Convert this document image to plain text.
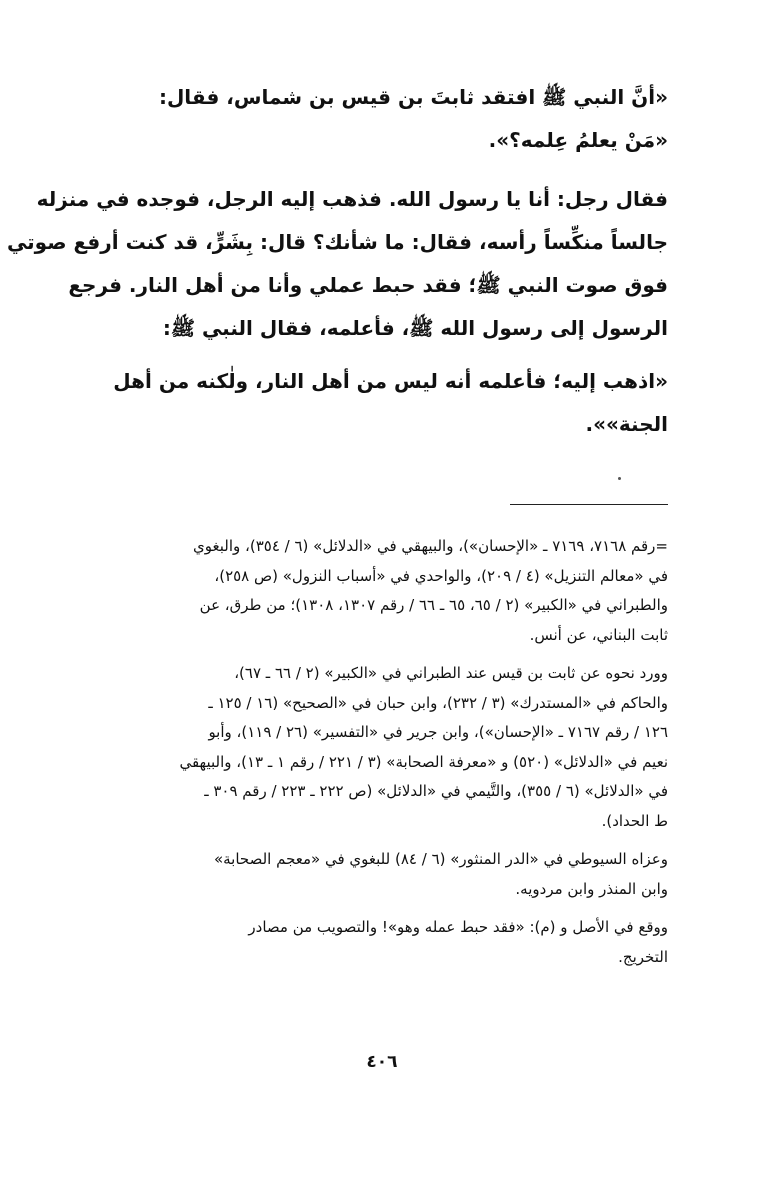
«أنَّ النبي ﷺ افتقد ثابتَ بن قيس بن شماس، فقال:
«مَنْ يعلمُ عِلمه؟».

فقال رجل: أنا يا رسول الله. فذهب إليه الرجل، فوجده في منزله
جالساً منكِّساً رأسه، فقال: ما شأنك؟ قال: بِشَرٍّ، قد كنت أرفع صوتي
فوق صوت النبي ﷺ؛ فقد حبط عملي وأنا من أهل النار. فرجع
الرسول إلى رسول الله ﷺ، فأعلمه، فقال النبي ﷺ:

«اذهب إليه؛ فأعلمه أنه ليس من أهل النار، ولٰكنه من أهل
الجنة»».

=رقم ٧١٦٨، ٧١٦٩ ـ «الإحسان»)، والبيهقي في «الدلائل» (٦ / ٣٥٤)، والبغوي
في «معالم التنزيل» (٤ / ٢٠٩)، والواحدي في «أسباب النزول» (ص ٢٥٨)،
والطبراني في «الكبير» (٢ / ٦٥، ٦٥ ـ ٦٦ / رقم ١٣٠٧، ١٣٠٨)؛ من طرق، عن
ثابت البناني، عن أنس.

وورد نحوه عن ثابت بن قيس عند الطبراني في «الكبير» (٢ / ٦٦ ـ ٦٧)،
والحاكم في «المستدرك» (٣ / ٢٣٢)، وابن حبان في «الصحيح» (١٦ / ١٢٥ ـ
١٢٦ / رقم ٧١٦٧ ـ «الإحسان»)، وابن جرير في «التفسير» (٢٦ / ١١٩)، وأبو
نعيم في «الدلائل» (٥٢٠) و «معرفة الصحابة» (٣ / ٢٢١ / رقم ١ ـ ١٣)، والبيهقي
في «الدلائل» (٦ / ٣٥٥)، والتَّيمي في «الدلائل» (ص ٢٢٢ ـ ٢٢٣ / رقم ٣٠٩ ـ
ط الحداد).

وعزاه السيوطي في «الدر المنثور» (٦ / ٨٤) للبغوي في «معجم الصحابة»
وابن المنذر وابن مردويه.

ووقع في الأصل و (م): «فقد حبط عمله وهو»! والتصويب من مصادر
التخريج.

٤٠٦
